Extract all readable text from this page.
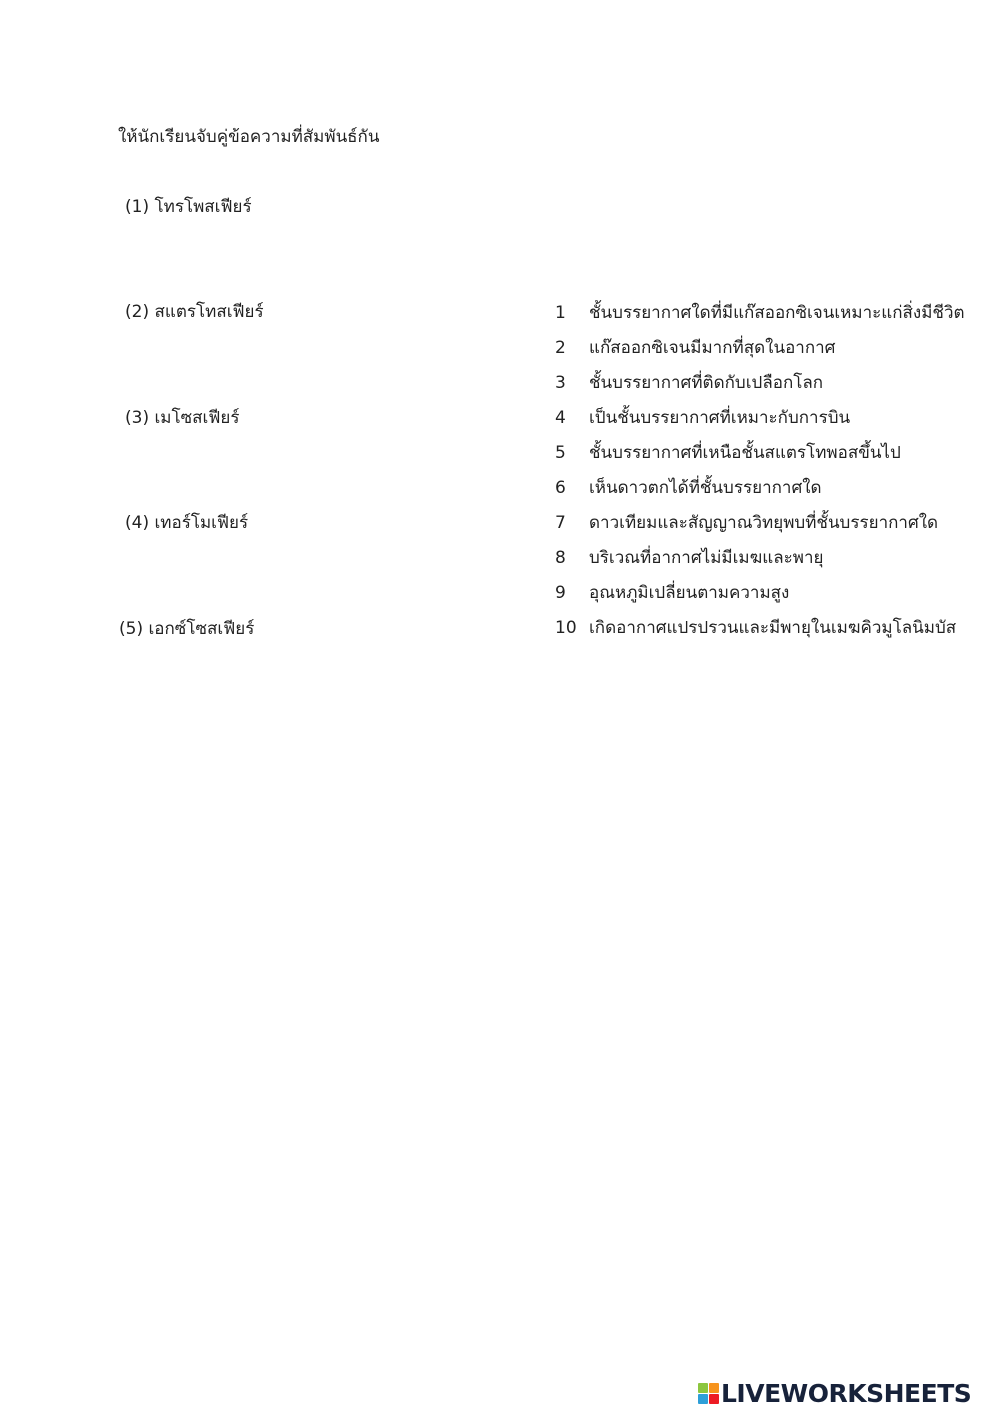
ให้นักเรียนจับคู่ข้อความที่สัมพันธ์กัน
(1) โทรโพสเฟียร์
(2) สแตรโทสเฟียร์
(3) เมโซสเฟียร์
(4) เทอร์โมเฟียร์
(5) เอกซ์โซสเฟียร์
1	ชั้นบรรยากาศใดที่มีแก๊สออกซิเจนเหมาะแก่สิ่งมีชีวิต
2	แก๊สออกซิเจนมีมากที่สุดในอากาศ
3	ชั้นบรรยากาศที่ติดกับเปลือกโลก
4	เป็นชั้นบรรยากาศที่เหมาะกับการบิน
5	ชั้นบรรยากาศที่เหนือชั้นสแตรโทพอสขึ้นไป
6	เห็นดาวตกได้ที่ชั้นบรรยากาศใด
7	ดาวเทียมและสัญญาณวิทยุพบที่ชั้นบรรยากาศใด
8	บริเวณที่อากาศไม่มีเมฆและพายุ
9	อุณหภูมิเปลี่ยนตามความสูง
10 เกิดอากาศแปรปรวนและมีพายุในเมฆคิวมูโลนิมบัส
LIVEWORKSHEETS
